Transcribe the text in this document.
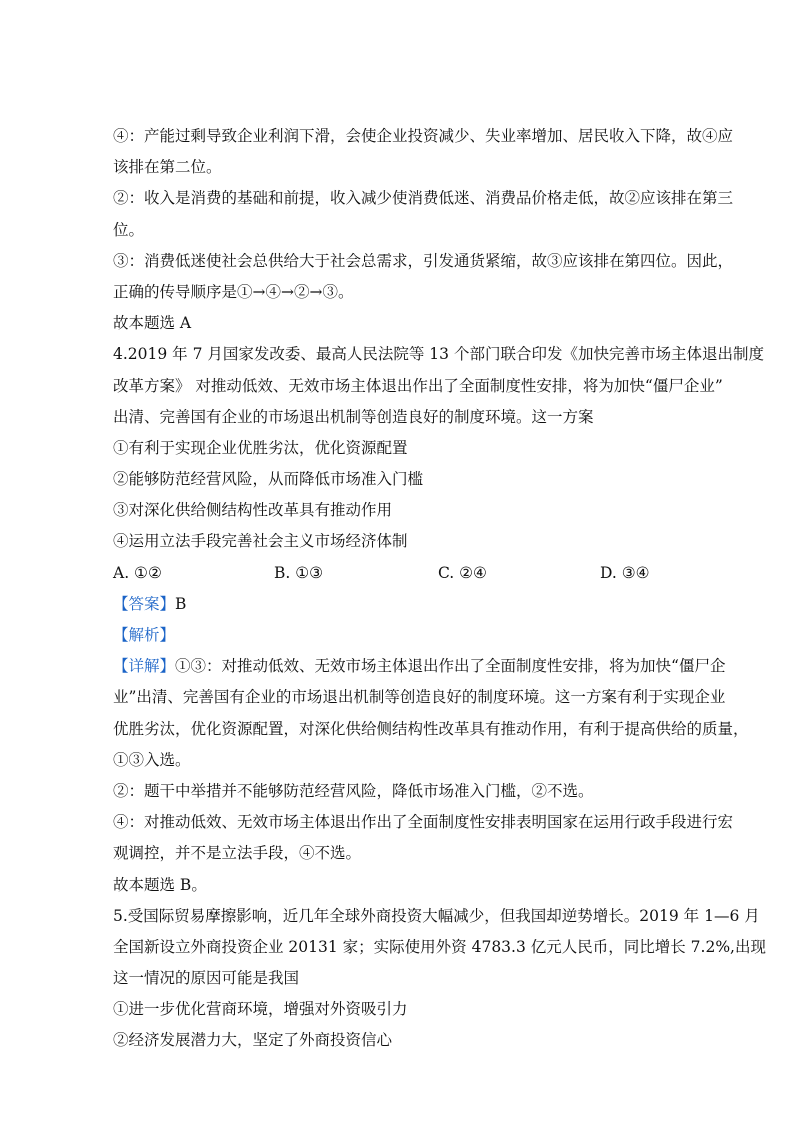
④：产能过剩导致企业利润下滑，会使企业投资减少、失业率增加、居民收入下降，故④应
该排在第二位。
②：收入是消费的基础和前提，收入减少使消费低迷、消费品价格走低，故②应该排在第三
位。
③：消费低迷使社会总供给大于社会总需求，引发通货紧缩，故③应该排在第四位。因此，
正确的传导顺序是①→④→②→③。
故本题选 A
4.2019 年 7 月国家发改委、最高人民法院等 13 个部门联合印发《加快完善市场主体退出制度
改革方案》 对推动低效、无效市场主体退出作出了全面制度性安排，将为加快“僵尸企业”
出清、完善国有企业的市场退出机制等创造良好的制度环境。这一方案
①有利于实现企业优胜劣汰，优化资源配置
②能够防范经营风险，从而降低市场准入门槛
③对深化供给侧结构性改革具有推动作用
④运用立法手段完善社会主义市场经济体制
A. ①②	B. ①③	C. ②④	D. ③④
【答案】B
【解析】
【详解】①③：对推动低效、无效市场主体退出作出了全面制度性安排，将为加快“僵尸企
业”出清、完善国有企业的市场退出机制等创造良好的制度环境。这一方案有利于实现企业
优胜劣汰，优化资源配置，对深化供给侧结构性改革具有推动作用，有利于提高供给的质量，
①③入选。
②：题干中举措并不能够防范经营风险，降低市场准入门槛，②不选。
④：对推动低效、无效市场主体退出作出了全面制度性安排表明国家在运用行政手段进行宏
观调控，并不是立法手段，④不选。
故本题选 B。
5.受国际贸易摩擦影响，近几年全球外商投资大幅减少，但我国却逆势增长。2019 年 1—6 月
全国新设立外商投资企业 20131 家；实际使用外资 4783.3 亿元人民币，同比增长 7.2%,出现
这一情况的原因可能是我国
①进一步优化营商环境，增强对外资吸引力
②经济发展潜力大，坚定了外商投资信心
